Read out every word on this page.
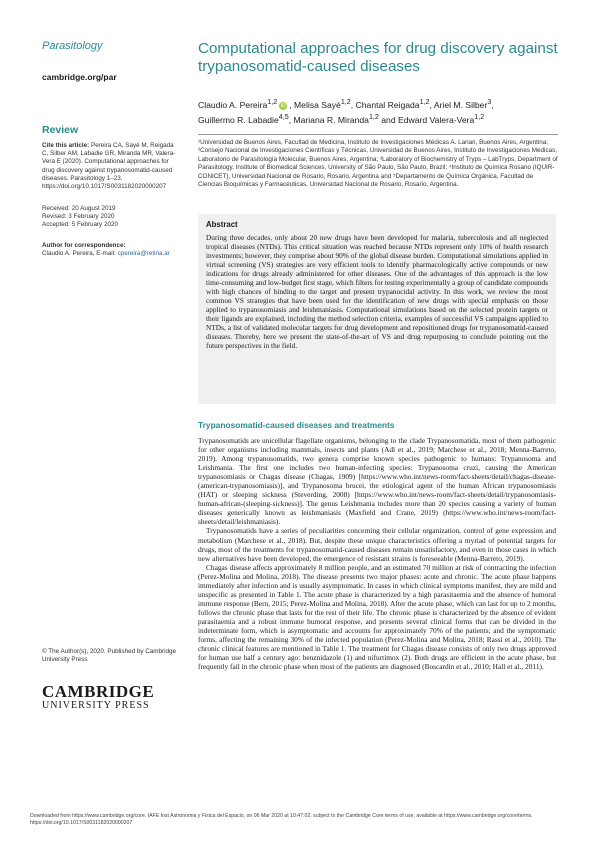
Parasitology
cambridge.org/par
Review
Cite this article: Pereira CA, Sayé M, Reigada C, Silber AM, Labadie GR, Miranda MR, Valera-Vera E (2020). Computational approaches for drug discovery against trypanosomatid-caused diseases. Parasitology 1–23. https://doi.org/10.1017/S0031182020000207
Received: 20 August 2019
Revised: 3 February 2020
Accepted: 5 February 2020
Author for correspondence:
Claudio A. Pereira, E-mail: cpereira@retina.ar
© The Author(s), 2020. Published by Cambridge University Press
CAMBRIDGE
UNIVERSITY PRESS
Computational approaches for drug discovery against trypanosomatid-caused diseases
Claudio A. Pereira$^{1,2}$ iD , Melisa Sayé$^{1,2}$, Chantal Reigada$^{1,2}$, Ariel M. Silber$^3$,
Guillermo R. Labadie$^{4,5}$, Mariana R. Miranda$^{1,2}$ and Edward Valera-Vera$^{1,2}$
¹Universidad de Buenos Aires, Facultad de Medicina, Instituto de Investigaciones Médicas A. Lanari, Buenos Aires, Argentina; ²Consejo Nacional de Investigaciones Científicas y Técnicas, Universidad de Buenos Aires, Instituto de Investigaciones Médicas, Laboratorio de Parasitología Molecular, Buenos Aires, Argentina; ³Laboratory of Biochemistry of Tryps – LabTryps, Department of Parasitology, Institute of Biomedical Sciences, University of São Paulo, São Paulo, Brazil; ⁴Instituto de Química Rosario (IQUIR-CONICET), Universidad Nacional de Rosario, Rosario, Argentina and ⁵Departamento de Química Orgánica, Facultad de Ciencias Bioquímicas y Farmacéuticas, Universidad Nacional de Rosario, Rosario, Argentina.
Abstract
During three decades, only about 20 new drugs have been developed for malaria, tuberculosis and all neglected tropical diseases (NTDs). This critical situation was reached because NTDs represent only 10% of health research investments; however, they comprise about 90% of the global disease burden. Computational simulations applied in virtual screening (VS) strategies are very efficient tools to identify pharmacologically active compounds or new indications for drugs already administered for other diseases. One of the advantages of this approach is the low time-consuming and low-budget first stage, which filters for testing experimentally a group of candidate compounds with high chances of binding to the target and present trypanocidal activity. In this work, we review the most common VS strategies that have been used for the identification of new drugs with special emphasis on those applied to trypanosomiasis and leishmaniasis. Computational simulations based on the selected protein targets or their ligands are explained, including the method selection criteria, examples of successful VS campaigns applied to NTDs, a list of validated molecular targets for drug development and repositioned drugs for trypanosomatid-caused diseases. Thereby, here we present the state-of-the-art of VS and drug repurposing to conclude pointing out the future perspectives in the field.
Trypanosomatid-caused diseases and treatments

Trypanosomatids are unicellular flagellate organisms, belonging to the clade Trypanosomatida, most of them pathogenic for other organisms including mammals, insects and plants (Adl et al., 2019; Marchese et al., 2018; Menna-Barreto, 2019). Among trypanosomatids, two genera comprise known species pathogenic to humans: Trypanosoma and Leishmania. The first one includes two human-infecting species: Trypanosoma cruzi, causing the American trypanosomiasis or Chagas disease (Chagas, 1909) [https://www.who.int/news-room/fact-sheets/detail/chagas-disease-(american-trypanosomiasis)], and Trypanosoma brucei, the etiological agent of the human African trypanosomiasis (HAT) or sleeping sickness (Steverding, 2008) [https://www.who.int/news-room/fact-sheets/detail/trypanosomiasis-human-african-(sleeping-sickness)]. The genus Leishmania includes more than 20 species causing a variety of human diseases generically known as leishmaniasis (Maxfield and Crane, 2019) (https://www.who.int/news-room/fact-sheets/detail/leishmaniasis).

Trypanosomatids have a series of peculiarities concerning their cellular organization, control of gene expression and metabolism (Marchese et al., 2018). But, despite these unique characteristics offering a myriad of potential targets for drugs, most of the treatments for trypanosomatid-caused diseases remain unsatisfactory, and even in those cases in which new alternatives have been developed, the emergence of resistant strains is foreseeable (Menna-Barreto, 2019).

Chagas disease affects approximately 8 million people, and an estimated 70 million at risk of contracting the infection (Perez-Molina and Molina, 2018). The disease presents two major phases: acute and chronic. The acute phase happens immediately after infection and is usually asymptomatic. In cases in which clinical symptoms manifest, they are mild and unspecific as presented in Table 1. The acute phase is characterized by a high parasitaemia and the absence of humoral immune response (Bern, 2015; Perez-Molina and Molina, 2018). After the acute phase, which can last for up to 2 months, follows the chronic phase that lasts for the rest of their life. The chronic phase is characterized by the absence of evident parasitaemia and a robust immune humoral response, and presents several clinical forms that can be divided in the indeterminate form, which is asymptomatic and accounts for approximately 70% of the patients; and the symptomatic forms, affecting the remaining 30% of the infected population (Perez-Molina and Molina, 2018; Rassi et al., 2010). The chronic clinical features are mentioned in Table 1. The treatment for Chagas disease consists of only two drugs approved for human use half a century ago: benznidazole (1) and nifurtimox (2). Both drugs are efficient in the acute phase, but frequently fail in the chronic phase when most of the patients are diagnosed (Boscardin et al., 2010; Hall et al., 2011).

Downloaded from https://www.cambridge.org/core. IAFE Inst Astronomia y Fisica del Espacio, on 06 Mar 2020 at 10:47:02, subject to the Cambridge Core terms of use, available at https://www.cambridge.org/core/terms. https://doi.org/10.1017/S0031182020000207
